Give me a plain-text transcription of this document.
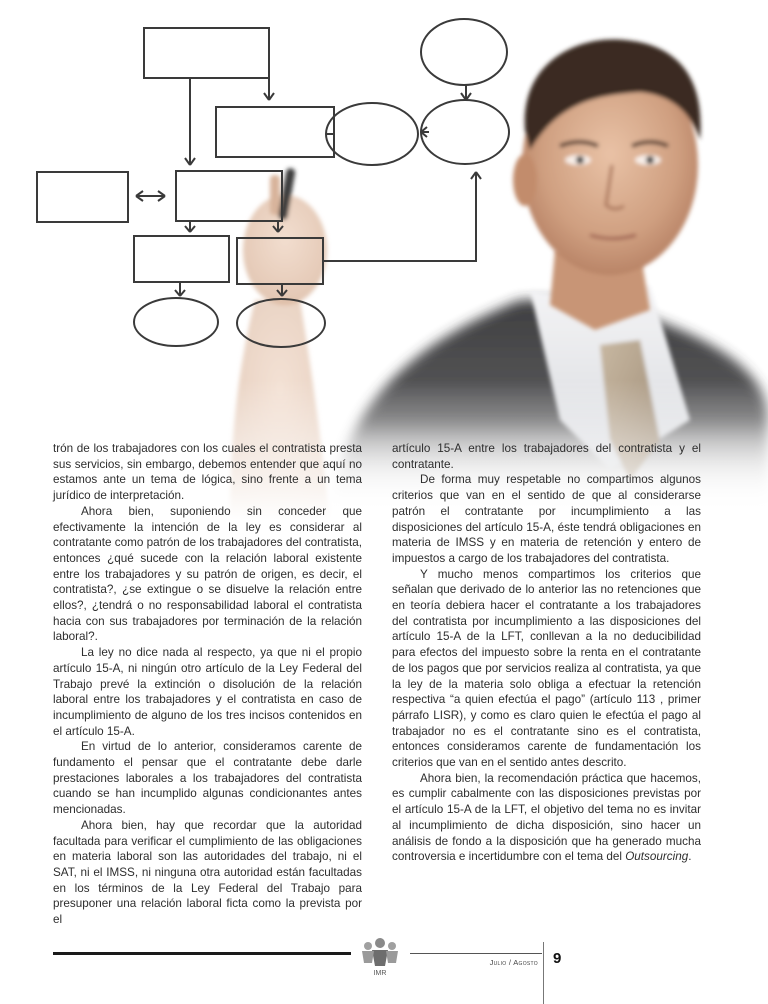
trón de los trabajadores con los cuales el contratista presta sus servicios, sin embargo, debemos entender que aquí no estamos ante un tema de lógica, sino frente a un tema jurídico de interpretación.

Ahora bien, suponiendo sin conceder que efectivamente la intención de la ley es considerar al contratante como patrón de los trabajadores del contratista, entonces ¿qué sucede con la relación laboral existente entre los trabajadores y su patrón de origen, es decir, el contratista?, ¿se extingue o se disuelve la relación entre ellos?, ¿tendrá o no responsabilidad laboral el contratista hacia con sus trabajadores por terminación de la relación laboral?.

La ley no dice nada al respecto, ya que ni el propio artículo 15-A, ni ningún otro artículo de la Ley Federal del Trabajo prevé la extinción o disolución de la relación laboral entre los trabajadores y el contratista en caso de incumplimiento de alguno de los tres incisos contenidos en el artículo 15-A.

En virtud de lo anterior, consideramos carente de fundamento el pensar que el contratante debe darle prestaciones laborales a los trabajadores del contratista cuando se han incumplido algunas condicionantes antes mencionadas.

Ahora bien, hay que recordar que la autoridad facultada para verificar el cumplimiento de las obligaciones en materia laboral son las autoridades del trabajo, ni el SAT, ni el IMSS, ni ninguna otra autoridad están facultadas en los términos de la Ley Federal del Trabajo para presuponer una relación laboral ficta como la prevista por el

artículo 15-A entre los trabajadores del contratista y el contratante.

De forma muy respetable no compartimos algunos criterios que van en el sentido de que al considerarse patrón el contratante por incumplimiento a las disposiciones del artículo 15-A, éste tendrá obligaciones en materia de IMSS y en materia de retención y entero de impuestos a cargo de los trabajadores del contratista.

Y mucho menos compartimos los criterios que señalan que derivado de lo anterior las no retenciones que en teoría debiera hacer el contratante a los trabajadores del contratista por incumplimiento a las disposiciones del artículo 15-A de la LFT, conllevan a la no deducibilidad para efectos del impuesto sobre la renta en el contratante de los pagos que por servicios realiza al contratista, ya que la ley de la materia solo obliga a efectuar la retención respectiva “a quien efectúa el pago” (artículo 113 , primer párrafo LISR), y como es claro quien le efectúa el pago al trabajador no es el contratante sino es el contratista, entonces consideramos carente de fundamentación los criterios que van en el sentido antes descrito.

Ahora bien, la recomendación práctica que hacemos, es cumplir cabalmente con las disposiciones previstas por el artículo 15-A de la LFT, el objetivo del tema no es invitar al incumplimiento de dicha disposición, sino hacer un análisis de fondo a la disposición que ha generado mucha controversia e incertidumbre con el tema del Outsourcing.

IMR
Julio / Agosto 9
